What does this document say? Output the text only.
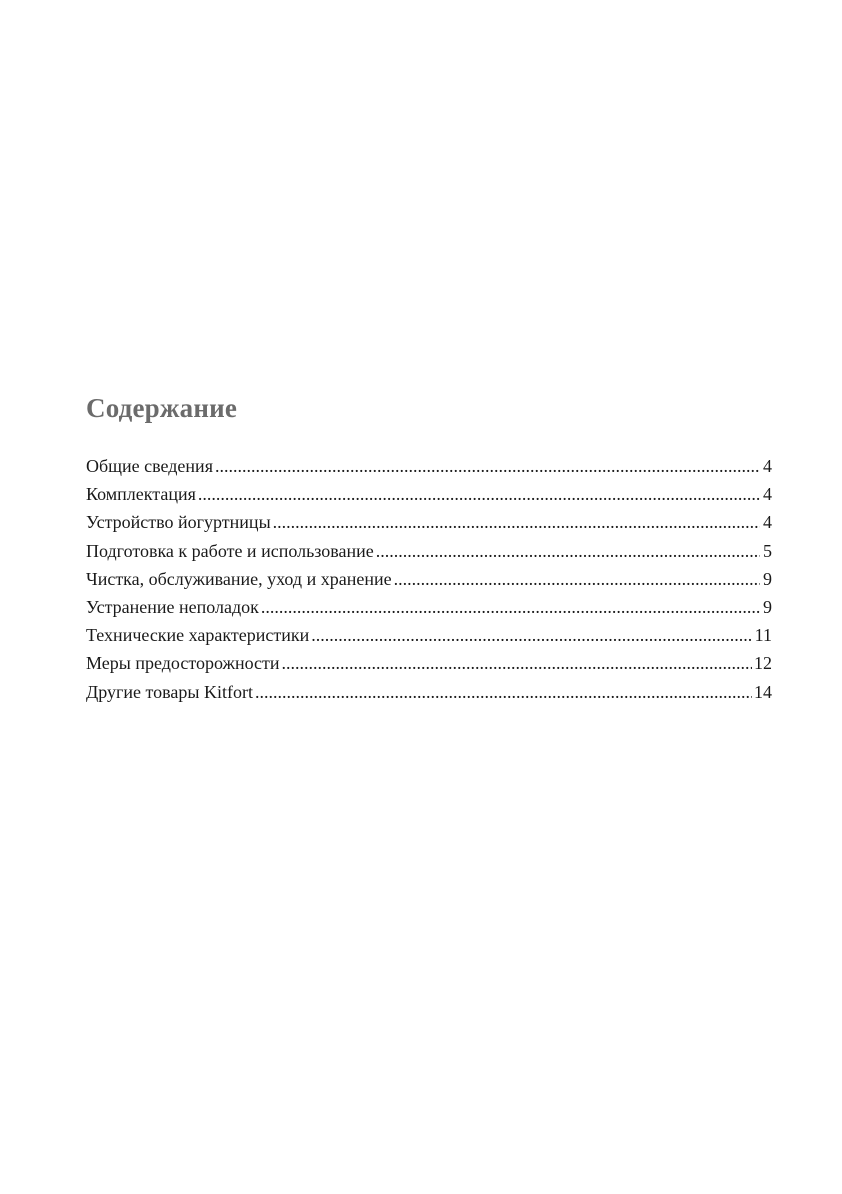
Содержание
Общие сведения .....	4
Комплектация .....	4
Устройство йогуртницы .....	4
Подготовка к работе и использование .....	5
Чистка, обслуживание, уход и хранение .....	9
Устранение неполадок .....	9
Технические характеристики .....	11
Меры предосторожности .....	12
Другие товары Kitfort .....	14
